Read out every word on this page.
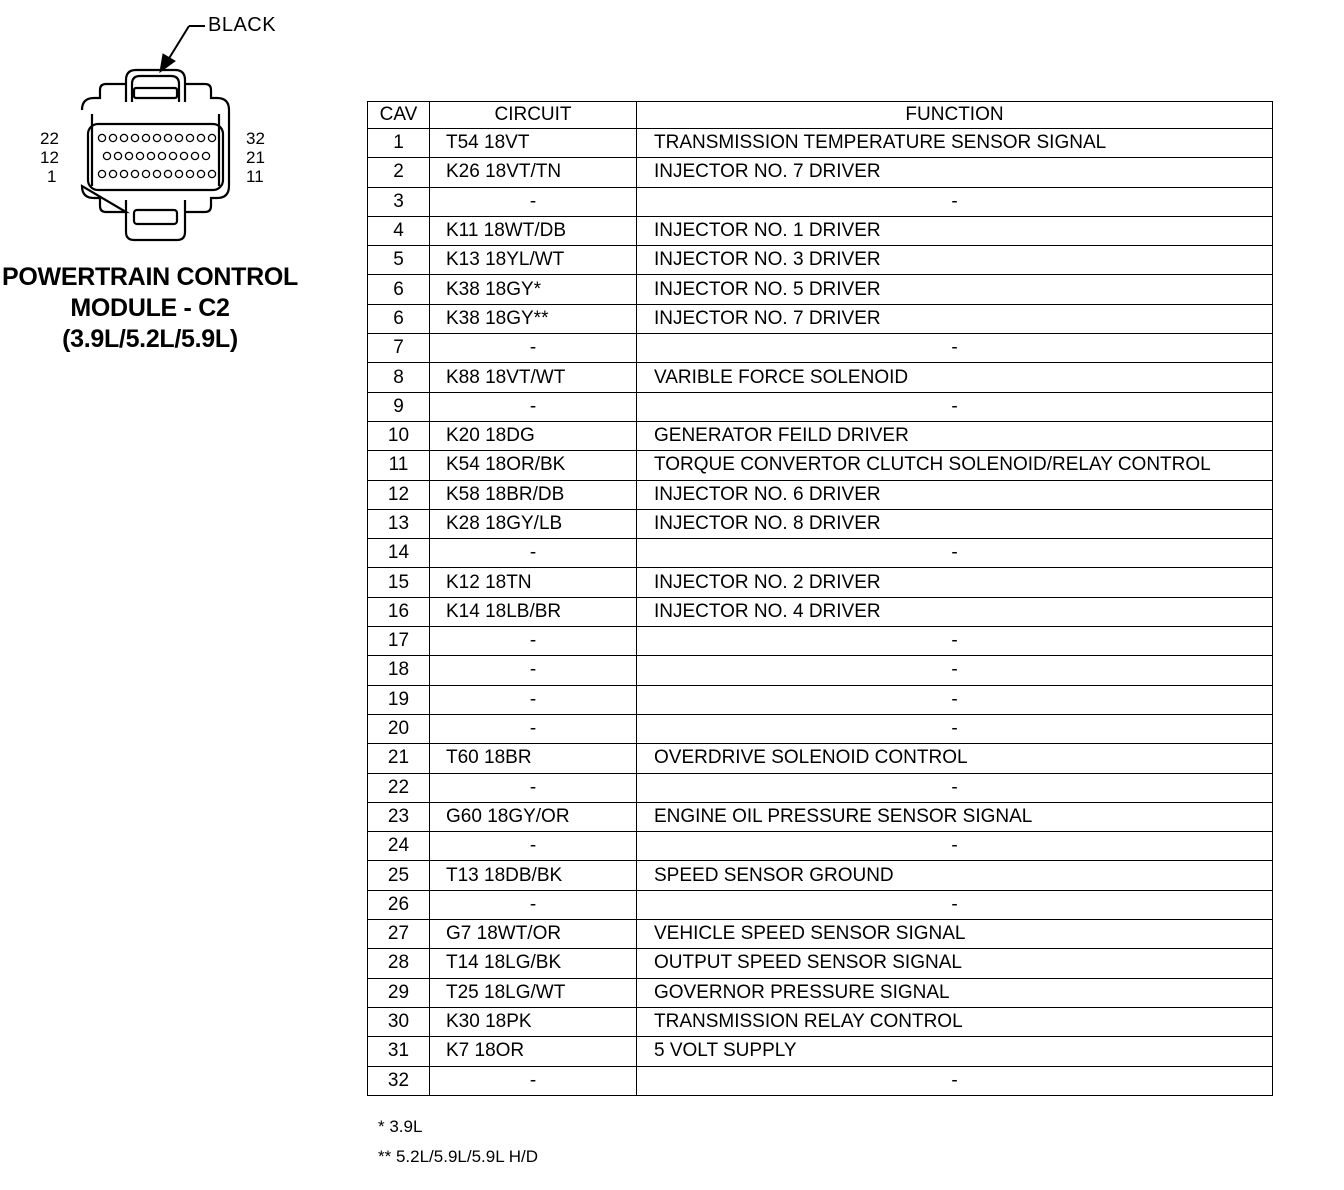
BLACK
22
12
1
32
21
11
POWERTRAIN CONTROL
MODULE - C2
(3.9L/5.2L/5.9L)
CAV	CIRCUIT	FUNCTION
1	T54 18VT	TRANSMISSION TEMPERATURE SENSOR SIGNAL
2	K26 18VT/TN	INJECTOR NO. 7 DRIVER
3	-	-
4	K11 18WT/DB	INJECTOR NO. 1 DRIVER
5	K13 18YL/WT	INJECTOR NO. 3 DRIVER
6	K38 18GY*	INJECTOR NO. 5 DRIVER
6	K38 18GY**	INJECTOR NO. 7 DRIVER
7	-	-
8	K88 18VT/WT	VARIBLE FORCE SOLENOID
9	-	-
10	K20 18DG	GENERATOR FEILD DRIVER
11	K54 18OR/BK	TORQUE CONVERTOR CLUTCH SOLENOID/RELAY CONTROL
12	K58 18BR/DB	INJECTOR NO. 6 DRIVER
13	K28 18GY/LB	INJECTOR NO. 8 DRIVER
14	-	-
15	K12 18TN	INJECTOR NO. 2 DRIVER
16	K14 18LB/BR	INJECTOR NO. 4 DRIVER
17	-	-
18	-	-
19	-	-
20	-	-
21	T60 18BR	OVERDRIVE SOLENOID CONTROL
22	-	-
23	G60 18GY/OR	ENGINE OIL PRESSURE SENSOR SIGNAL
24	-	-
25	T13 18DB/BK	SPEED SENSOR GROUND
26	-	-
27	G7 18WT/OR	VEHICLE SPEED SENSOR SIGNAL
28	T14 18LG/BK	OUTPUT SPEED SENSOR SIGNAL
29	T25 18LG/WT	GOVERNOR PRESSURE SIGNAL
30	K30 18PK	TRANSMISSION RELAY CONTROL
31	K7 18OR	5 VOLT SUPPLY
32	-	-
* 3.9L
** 5.2L/5.9L/5.9L H/D
